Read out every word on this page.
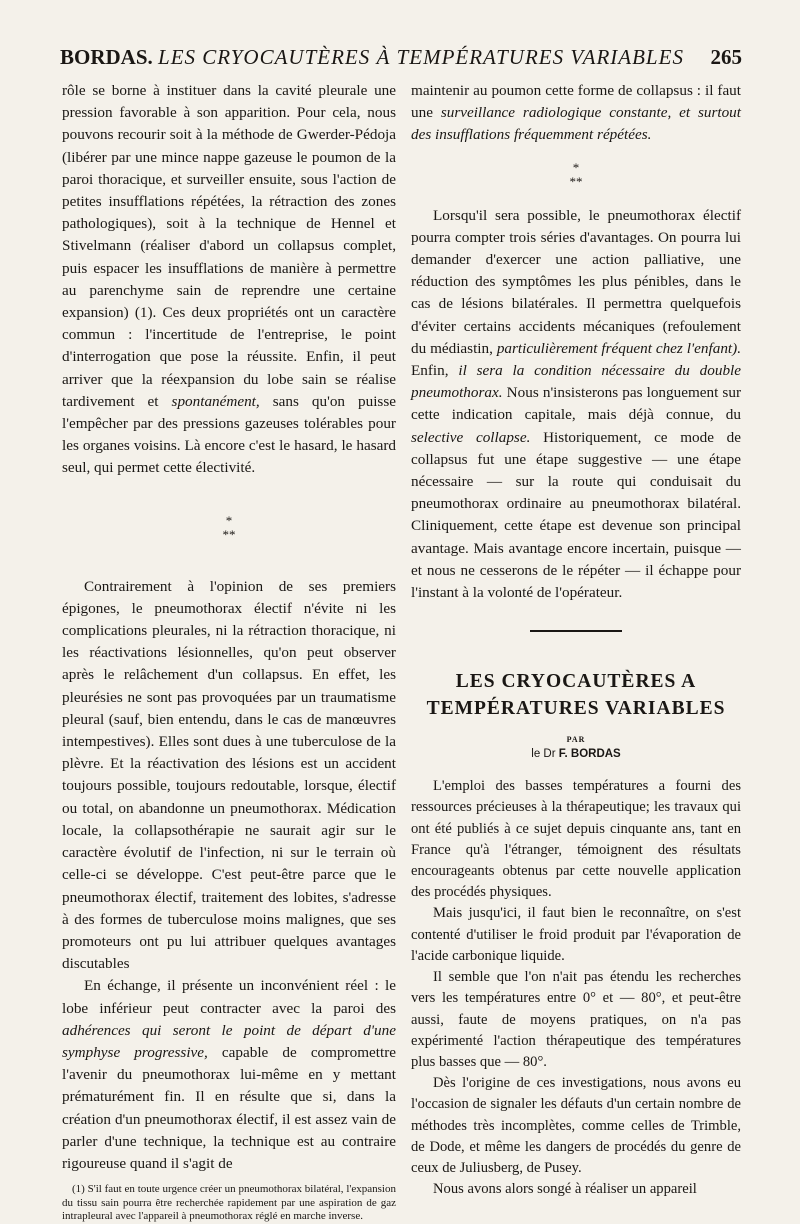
BORDAS. LES CRYOCAUTÈRES À TEMPÉRATURES VARIABLES 265

rôle se borne à instituer dans la cavité pleurale une pression favorable à son apparition. Pour cela, nous pouvons recourir soit à la méthode de Gwerder-Pédoja (libérer par une mince nappe gazeuse le poumon de la paroi thoracique, et surveiller ensuite, sous l'action de petites insufflations répétées, la rétraction des zones pathologiques), soit à la technique de Hennel et Stivelmann (réaliser d'abord un collapsus complet, puis espacer les insufflations de manière à permettre au parenchyme sain de reprendre une certaine expansion) (1). Ces deux propriétés ont un caractère commun : l'incertitude de l'entreprise, le point d'interrogation que pose la réussite. Enfin, il peut arriver que la réexpansion du lobe sain se réalise tardivement et spontanément, sans qu'on puisse l'empêcher par des pressions gazeuses tolérables pour les organes voisins. Là encore c'est le hasard, le hasard seul, qui permet cette électivité.

*
**

Contrairement à l'opinion de ses premiers épigones, le pneumothorax électif n'évite ni les complications pleurales, ni la rétraction thoracique, ni les réactivations lésionnelles, qu'on peut observer après le relâchement d'un collapsus. En effet, les pleurésies ne sont pas provoquées par un traumatisme pleural (sauf, bien entendu, dans le cas de manœuvres intempestives). Elles sont dues à une tuberculose de la plèvre. Et la réactivation des lésions est un accident toujours possible, toujours redoutable, lorsque, électif ou total, on abandonne un pneumothorax. Médication locale, la collapsothérapie ne saurait agir sur le caractère évolutif de l'infection, ni sur le terrain où celle-ci se développe. C'est peut-être parce que le pneumothorax électif, traitement des lobites, s'adresse à des formes de tuberculose moins malignes, que ses promoteurs ont pu lui attribuer quelques avantages discutables

En échange, il présente un inconvénient réel : le lobe inférieur peut contracter avec la paroi des adhérences qui seront le point de départ d'une symphyse progressive, capable de compromettre l'avenir du pneumothorax lui-même en y mettant prématurément fin. Il en résulte que si, dans la création d'un pneumothorax électif, il est assez vain de parler d'une technique, la technique est au contraire rigoureuse quand il s'agit de

(1) S'il faut en toute urgence créer un pneumothorax bilatéral, l'expansion du tissu sain pourra être recherchée rapidement par une aspiration de gaz intrapleural avec l'appareil à pneumothorax réglé en marche inverse.

maintenir au poumon cette forme de collapsus : il faut une surveillance radiologique constante, et surtout des insufflations fréquemment répétées.

*
**

Lorsqu'il sera possible, le pneumothorax électif pourra compter trois séries d'avantages. On pourra lui demander d'exercer une action palliative, une réduction des symptômes les plus pénibles, dans le cas de lésions bilatérales. Il permettra quelquefois d'éviter certains accidents mécaniques (refoulement du médiastin, particulièrement fréquent chez l'enfant). Enfin, il sera la condition nécessaire du double pneumothorax. Nous n'insisterons pas longuement sur cette indication capitale, mais déjà connue, du selective collapse. Historiquement, ce mode de collapsus fut une étape suggestive — une étape nécessaire — sur la route qui conduisait du pneumothorax ordinaire au pneumothorax bilatéral. Cliniquement, cette étape est devenue son principal avantage. Mais avantage encore incertain, puisque — et nous ne cesserons de le répéter — il échappe pour l'instant à la volonté de l'opérateur.

LES CRYOCAUTÈRES A
TEMPÉRATURES VARIABLES
PAR
le Dr F. BORDAS

L'emploi des basses températures a fourni des ressources précieuses à la thérapeutique; les travaux qui ont été publiés à ce sujet depuis cinquante ans, tant en France qu'à l'étranger, témoignent des résultats encourageants obtenus par cette nouvelle application des procédés physiques.

Mais jusqu'ici, il faut bien le reconnaître, on s'est contenté d'utiliser le froid produit par l'évaporation de l'acide carbonique liquide.

Il semble que l'on n'ait pas étendu les recherches vers les températures entre 0° et — 80°, et peut-être aussi, faute de moyens pratiques, on n'a pas expérimenté l'action thérapeutique des températures plus basses que — 80°.

Dès l'origine de ces investigations, nous avons eu l'occasion de signaler les défauts d'un certain nombre de méthodes très incomplètes, comme celles de Trimble, de Dode, et même les dangers de procédés du genre de ceux de Juliusberg, de Pusey.

Nous avons alors songé à réaliser un appareil
